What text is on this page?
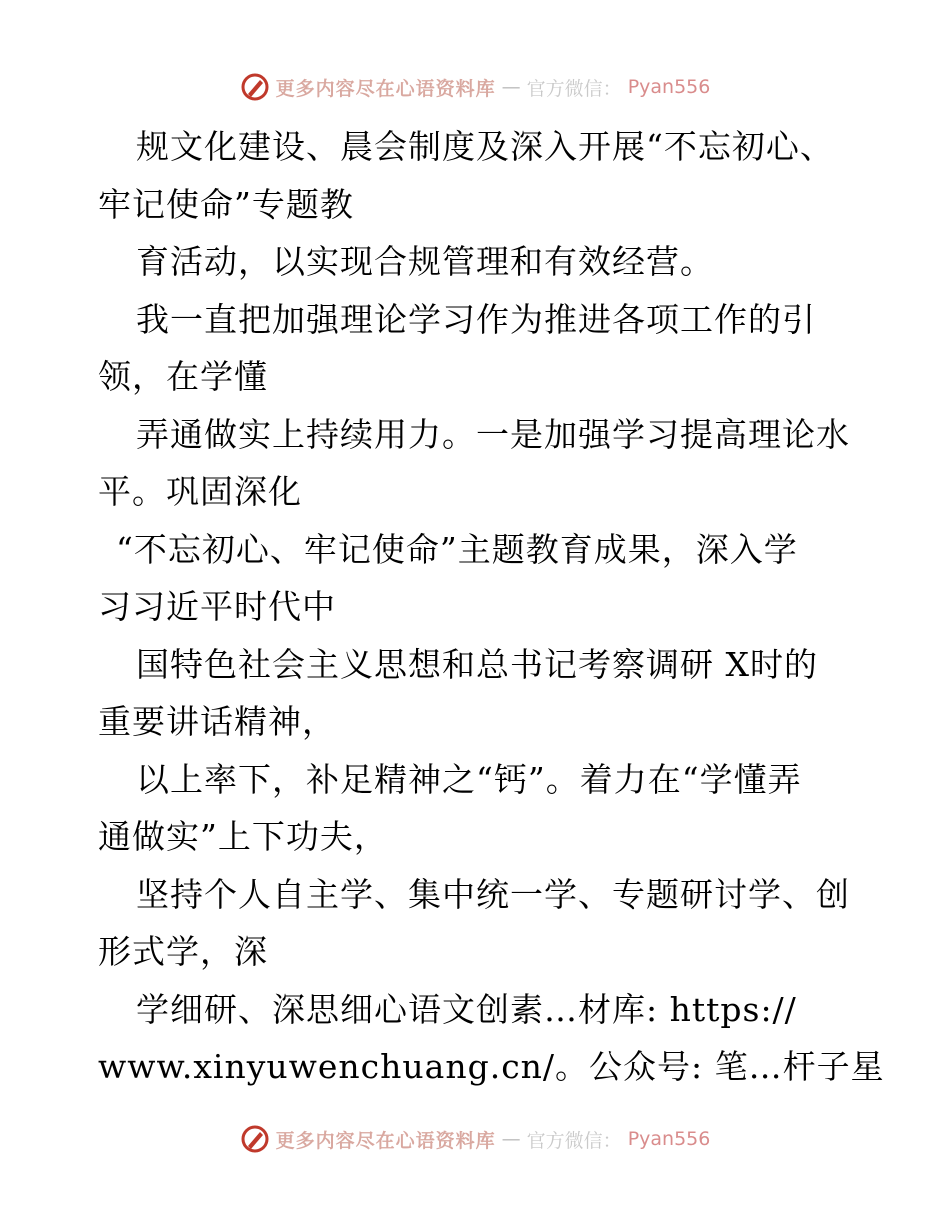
更多内容尽在心语资料库 — 官方微信： Pyan556
规文化建设、晨会制度及深入开展“不忘初心、
牢记使命”专题教
育活动，以实现合规管理和有效经营。
我一直把加强理论学习作为推进各项工作的引
领，在学懂
弄通做实上持续用力。一是加强学习提高理论水
平。巩固深化
“不忘初心、牢记使命”主题教育成果，深入学
习习近平时代中
国特色社会主义思想和总书记考察调研 X时的
重要讲话精神，
以上率下，补足精神之“钙”。着力在“学懂弄
通做实”上下功夫，
坚持个人自主学、集中统一学、专题研讨学、创
形式学，深
学细研、深思细心语文创素…材库: https://
www.xinyuwenchuang.cn/。公众号: 笔…杆子星
更多内容尽在心语资料库 — 官方微信： Pyan556
